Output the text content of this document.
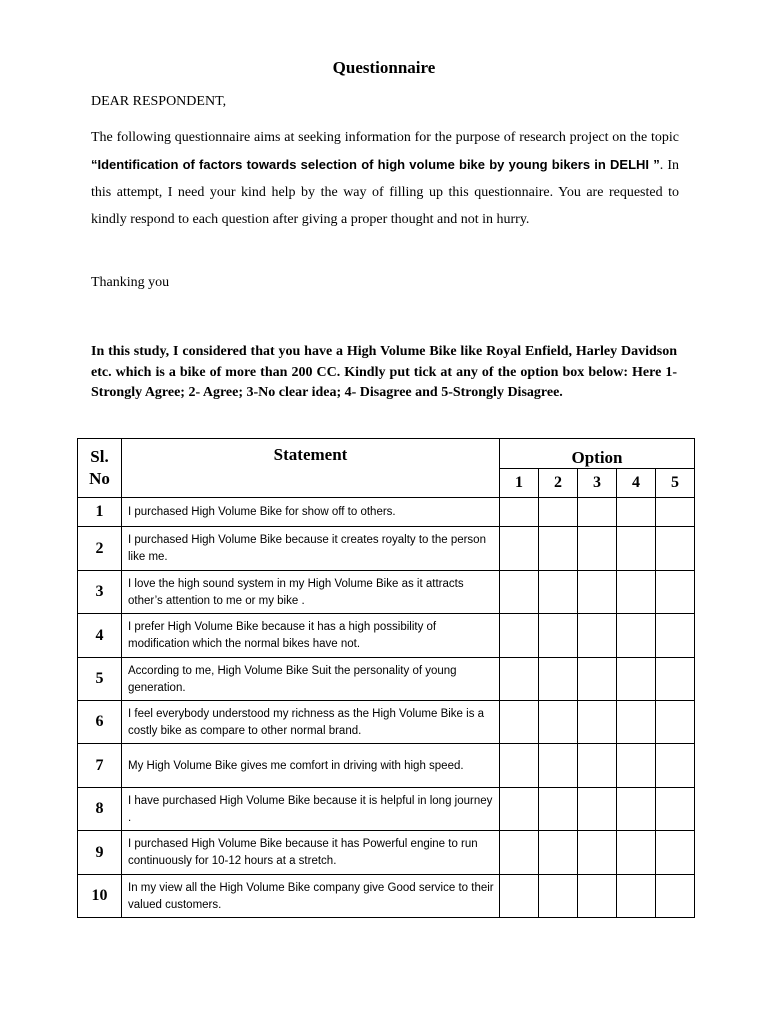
Questionnaire
DEAR RESPONDENT,
The following questionnaire aims at seeking information for the purpose of research project on the topic “Identification of factors towards selection of high volume bike by young bikers in DELHI ”. In this attempt, I need your kind help by the way of filling up this questionnaire. You are requested to kindly respond to each question after giving a proper thought and not in hurry.
Thanking you
In this study, I considered that you have a High Volume Bike like Royal Enfield, Harley Davidson etc. which is a bike of more than 200 CC. Kindly put tick at any of the option box below: Here 1- Strongly Agree; 2- Agree; 3-No clear idea; 4- Disagree and 5-Strongly Disagree.
Sl. No	Statement	Option				
		1	2	3	4	5
1	I purchased High Volume Bike for show off to others.					
2	I purchased High Volume Bike because it creates royalty to the person like me.					
3	I love the high sound system in my High Volume Bike as it attracts other’s attention to me or my bike .					
4	I prefer High Volume Bike because it has a high possibility of modification which the normal bikes have not.					
5	According to me, High Volume Bike Suit the personality of young generation.					
6	I feel everybody understood my richness as the High Volume Bike is a costly bike as compare to other normal brand.					
7	My High Volume Bike gives me comfort in driving with high speed.					
8	I have purchased High Volume Bike because it is helpful in long journey .					
9	I purchased High Volume Bike because it has Powerful engine to run continuously for 10-12 hours at a stretch.					
10	In my view all the High Volume Bike company give Good service to their valued customers.					
